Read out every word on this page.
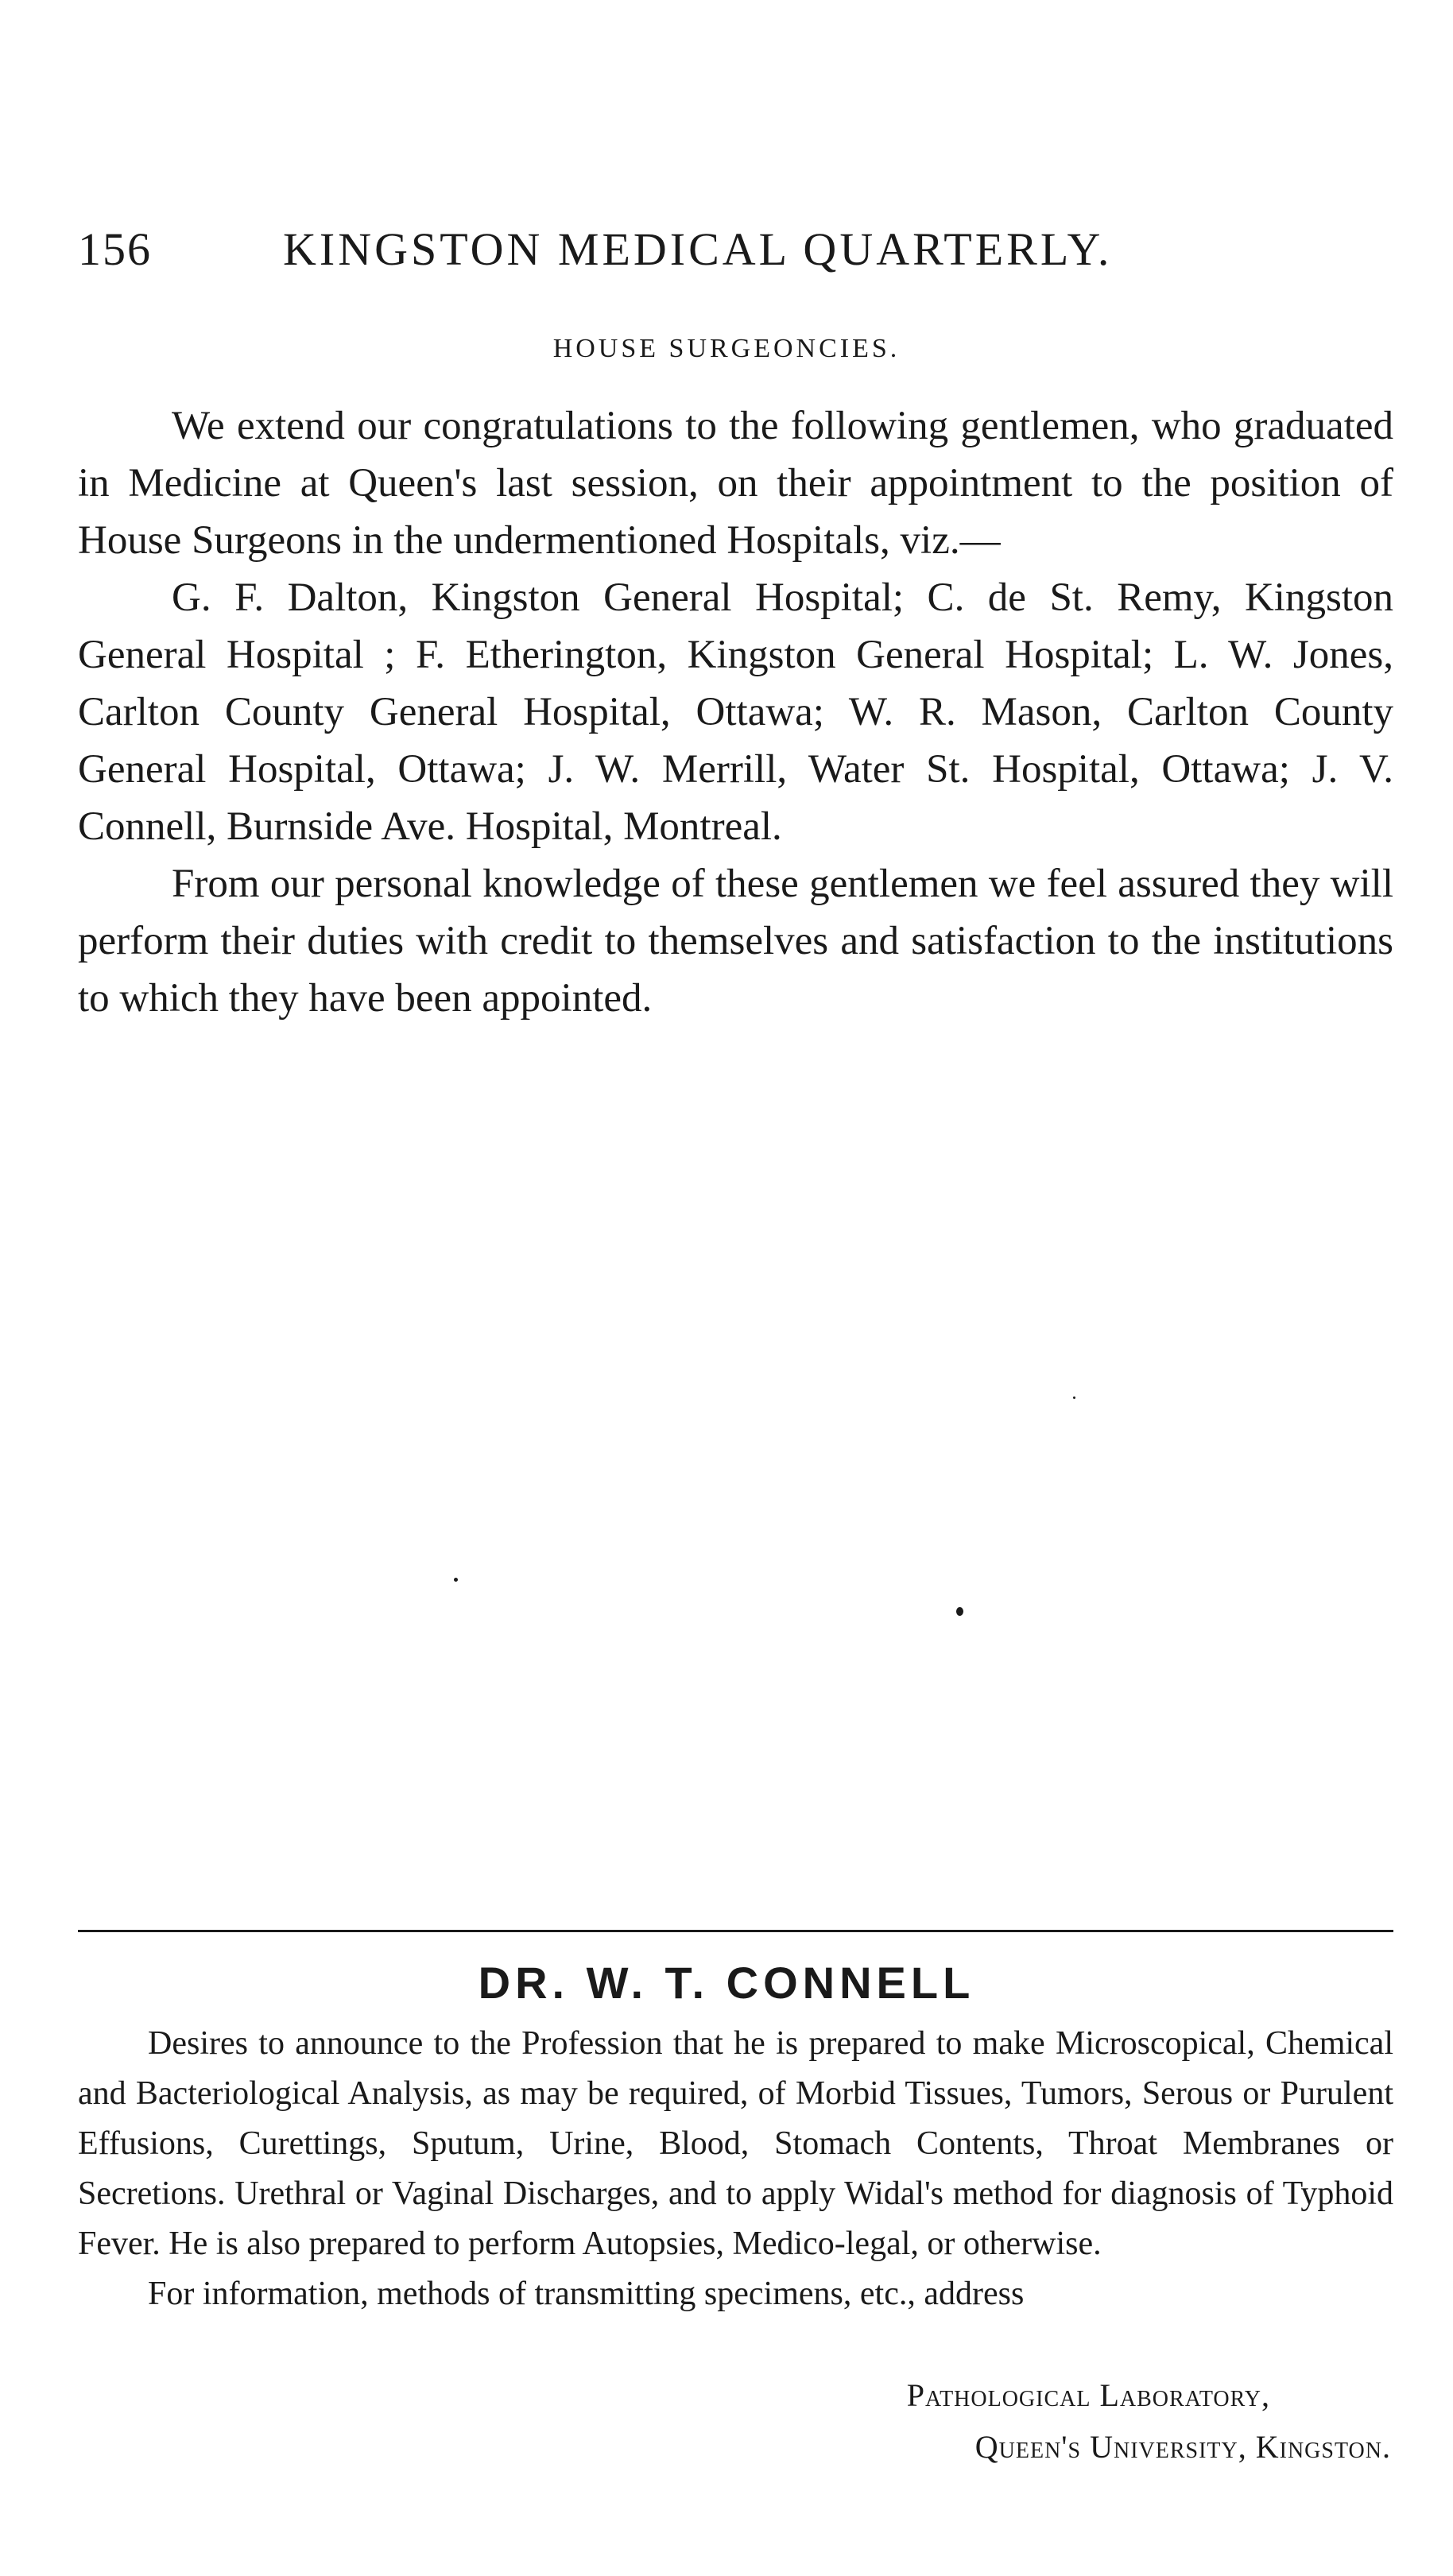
156	KINGSTON MEDICAL QUARTERLY.
HOUSE SURGEONCIES.

We extend our congratulations to the following gentlemen, who graduated in Medicine at Queen's last session, on their appointment to the position of House Surgeons in the undermentioned Hospitals, viz.—

G. F. Dalton, Kingston General Hospital; C. de St. Remy, Kingston General Hospital ; F. Etherington, Kingston General Hospital; L. W. Jones, Carlton County General Hospital, Ottawa; W. R. Mason, Carlton County General Hospital, Ottawa; J. W. Merrill, Water St. Hospital, Ottawa; J. V. Connell, Burnside Ave. Hospital, Montreal.

From our personal knowledge of these gentlemen we feel assured they will perform their duties with credit to themselves and satisfaction to the institutions to which they have been appointed.

DR. W. T. CONNELL

Desires to announce to the Profession that he is prepared to make Microscopical, Chemical and Bacteriological Analysis, as may be required, of Morbid Tissues, Tumors, Serous or Purulent Effusions, Curettings, Sputum, Urine, Blood, Stomach Contents, Throat Membranes or Secretions. Urethral or Vaginal Discharges, and to apply Widal's method for diagnosis of Typhoid Fever. He is also prepared to perform Autopsies, Medico-legal, or otherwise.

For information, methods of transmitting specimens, etc., address

Pathological Laboratory,
Queen's University, Kingston.
